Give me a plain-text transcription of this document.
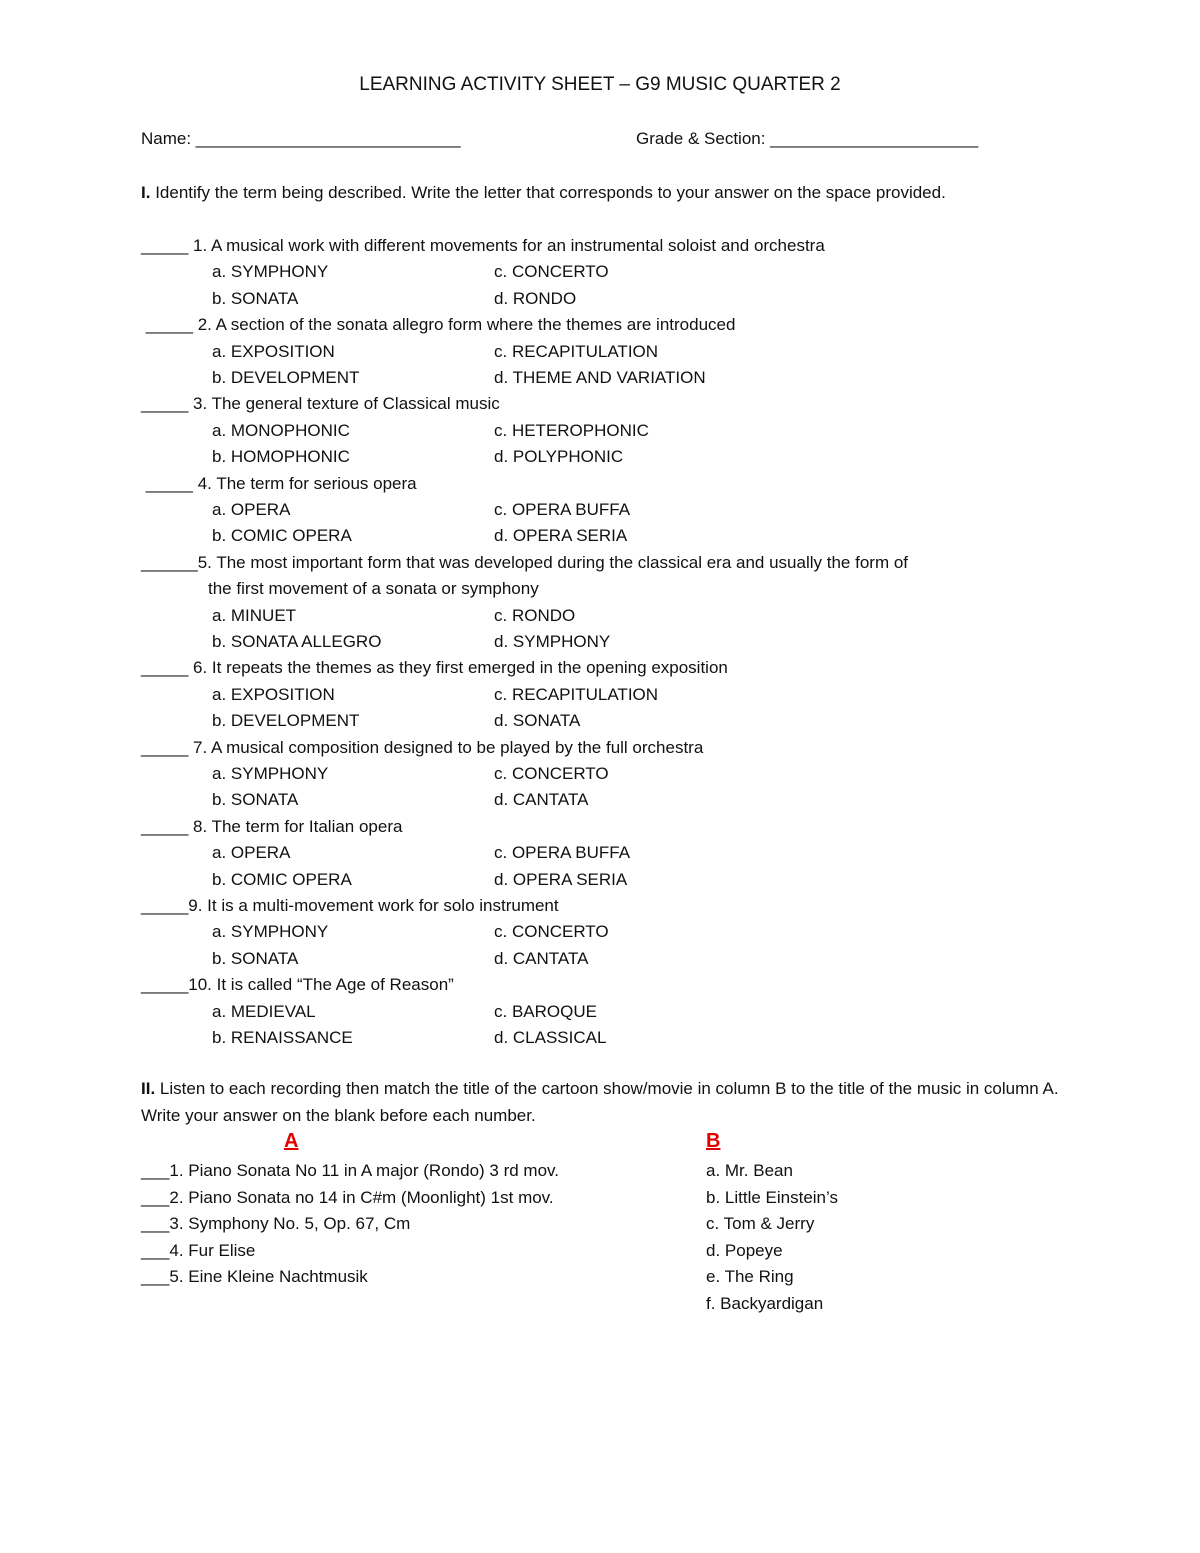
LEARNING ACTIVITY SHEET – G9 MUSIC QUARTER 2
Name: ____________________________	Grade & Section: ______________________
I. Identify the term being described. Write the letter that corresponds to your answer on the space provided.
_____ 1. A musical work with different movements for an instrumental soloist and orchestra
a. SYMPHONY	c. CONCERTO
b. SONATA	d. RONDO
_____ 2. A section of the sonata allegro form where the themes are introduced
a. EXPOSITION	c. RECAPITULATION
b. DEVELOPMENT	d. THEME AND VARIATION
_____ 3. The general texture of Classical music
a. MONOPHONIC	c. HETEROPHONIC
b. HOMOPHONIC	d. POLYPHONIC
_____ 4. The term for serious opera
a. OPERA	c. OPERA BUFFA
b. COMIC OPERA	d. OPERA SERIA
______5. The most important form that was developed during the classical era and usually the form of
the first movement of a sonata or symphony
a. MINUET	c. RONDO
b. SONATA ALLEGRO	d. SYMPHONY
_____ 6. It repeats the themes as they first emerged in the opening exposition
a. EXPOSITION	c. RECAPITULATION
b. DEVELOPMENT	d. SONATA
_____ 7. A musical composition designed to be played by the full orchestra
a. SYMPHONY	c. CONCERTO
b. SONATA	d. CANTATA
_____ 8. The term for Italian opera
a. OPERA	c. OPERA BUFFA
b. COMIC OPERA	d. OPERA SERIA
_____9. It is a multi-movement work for solo instrument
a. SYMPHONY	c. CONCERTO
b. SONATA	d. CANTATA
_____10. It is called “The Age of Reason”
a. MEDIEVAL	c. BAROQUE
b. RENAISSANCE	d. CLASSICAL
II. Listen to each recording then match the title of the cartoon show/movie in column B to the title of the music in column A. Write your answer on the blank before each number.
A	B
___1. Piano Sonata No 11 in A major (Rondo) 3 rd mov.
___2. Piano Sonata no 14 in C#m (Moonlight) 1st mov.
___3. Symphony No. 5, Op. 67, Cm
___4. Fur Elise
___5. Eine Kleine Nachtmusik
a. Mr. Bean
b. Little Einstein’s
c. Tom & Jerry
d. Popeye
e. The Ring
f. Backyardigan
